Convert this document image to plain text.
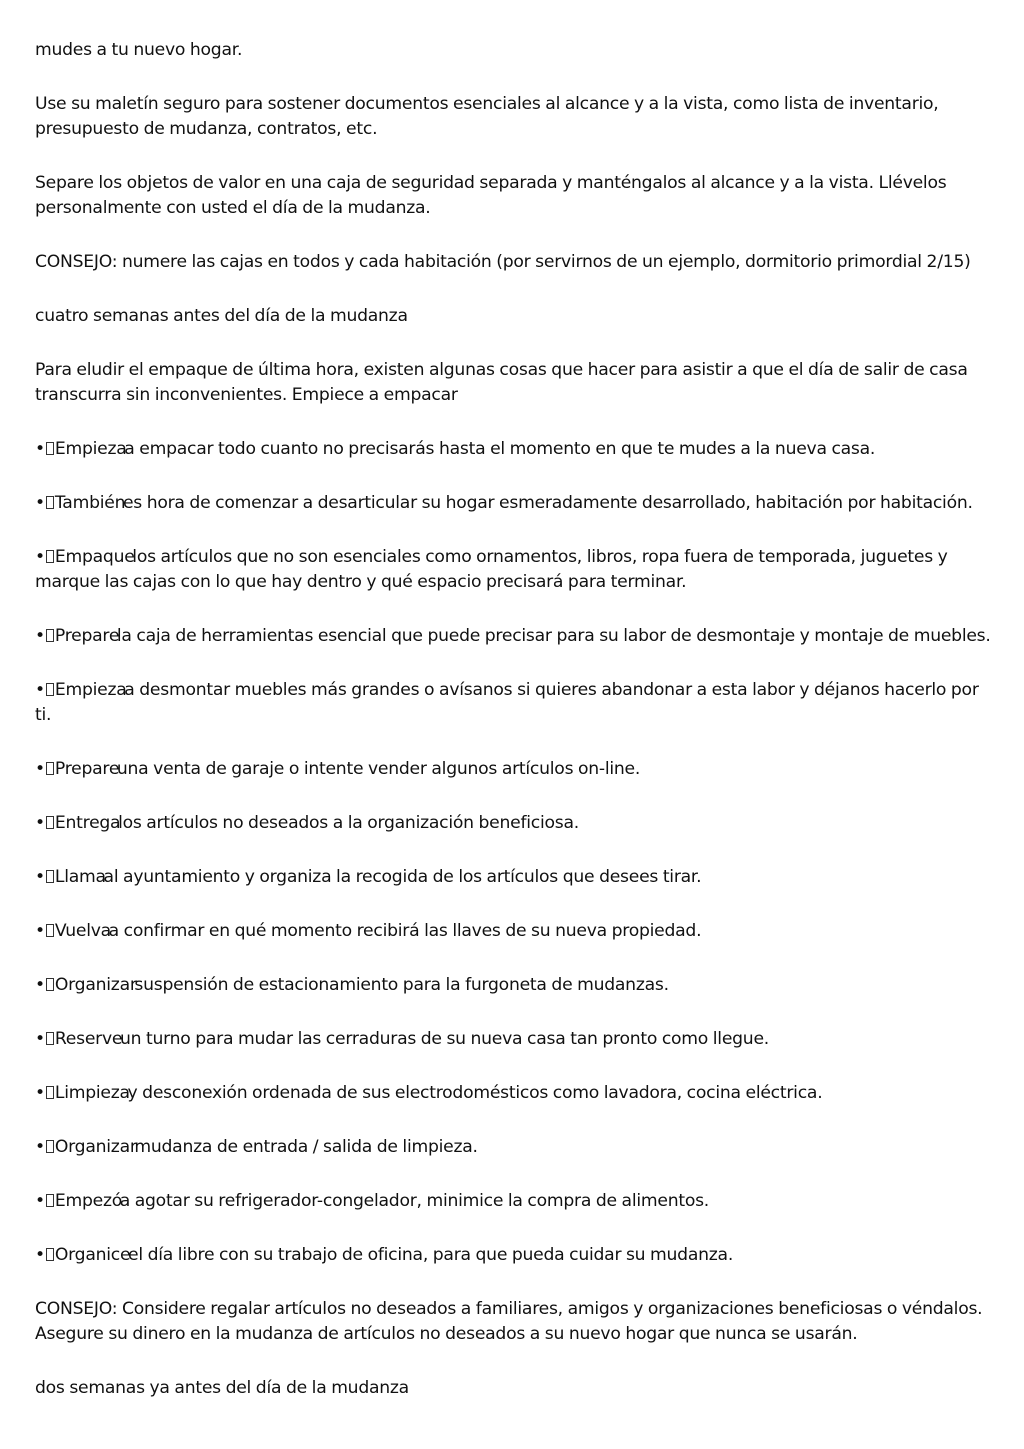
mudes a tu nuevo hogar.

Use su maletín seguro para sostener documentos esenciales al alcance y a la vista, como lista de inventario, presupuesto de mudanza, contratos, etc.

Separe los objetos de valor en una caja de seguridad separada y manténgalos al alcance y a la vista. Llévelos personalmente con usted el día de la mudanza.

CONSEJO: numere las cajas en todos y cada habitación (por servirnos de un ejemplo, dormitorio primordial 2/15)

cuatro semanas antes del día de la mudanza

Para eludir el empaque de última hora, existen algunas cosas que hacer para asistir a que el día de salir de casa transcurra sin inconvenientes. Empiece a empacar

• Empieza a empacar todo cuanto no precisarás hasta el momento en que te mudes a la nueva casa.

• También es hora de comenzar a desarticular su hogar esmeradamente desarrollado, habitación por habitación.

• Empaque los artículos que no son esenciales como ornamentos, libros, ropa fuera de temporada, juguetes y marque las cajas con lo que hay dentro y qué espacio precisará para terminar.

• Prepare la caja de herramientas esencial que puede precisar para su labor de desmontaje y montaje de muebles.

• Empieza a desmontar muebles más grandes o avísanos si quieres abandonar a esta labor y déjanos hacerlo por ti.

• Prepare una venta de garaje o intente vender algunos artículos on-line.

• Entrega los artículos no deseados a la organización beneficiosa.

• Llama al ayuntamiento y organiza la recogida de los artículos que desees tirar.

• Vuelva a confirmar en qué momento recibirá las llaves de su nueva propiedad.

• Organizar suspensión de estacionamiento para la furgoneta de mudanzas.

• Reserve un turno para mudar las cerraduras de su nueva casa tan pronto como llegue.

• Limpieza y desconexión ordenada de sus electrodomésticos como lavadora, cocina eléctrica.

• Organizar mudanza de entrada / salida de limpieza.

• Empezó a agotar su refrigerador-congelador, minimice la compra de alimentos.

• Organice el día libre con su trabajo de oficina, para que pueda cuidar su mudanza.

CONSEJO: Considere regalar artículos no deseados a familiares, amigos y organizaciones beneficiosas o véndalos. Asegure su dinero en la mudanza de artículos no deseados a su nuevo hogar que nunca se usarán.

dos semanas ya antes del día de la mudanza
